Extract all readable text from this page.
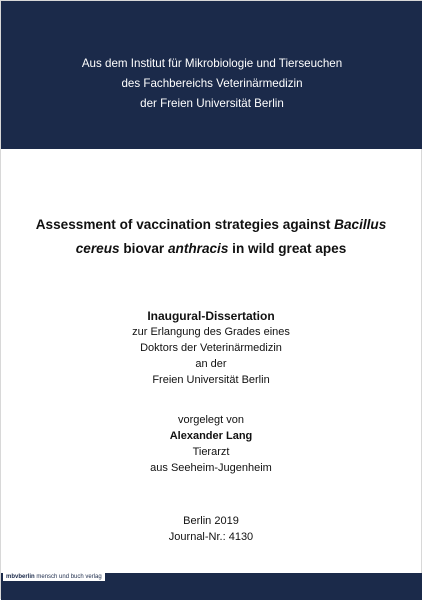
Aus dem Institut für Mikrobiologie und Tierseuchen
des Fachbereichs Veterinärmedizin
der Freien Universität Berlin
Assessment of vaccination strategies against Bacillus
cereus biovar anthracis in wild great apes
Inaugural-Dissertation
zur Erlangung des Grades eines
Doktors der Veterinärmedizin
an der
Freien Universität Berlin
vorgelegt von
Alexander Lang
Tierarzt
aus Seeheim-Jugenheim
Berlin 2019
Journal-Nr.: 4130
mbvberlin mensch und buch verlag
